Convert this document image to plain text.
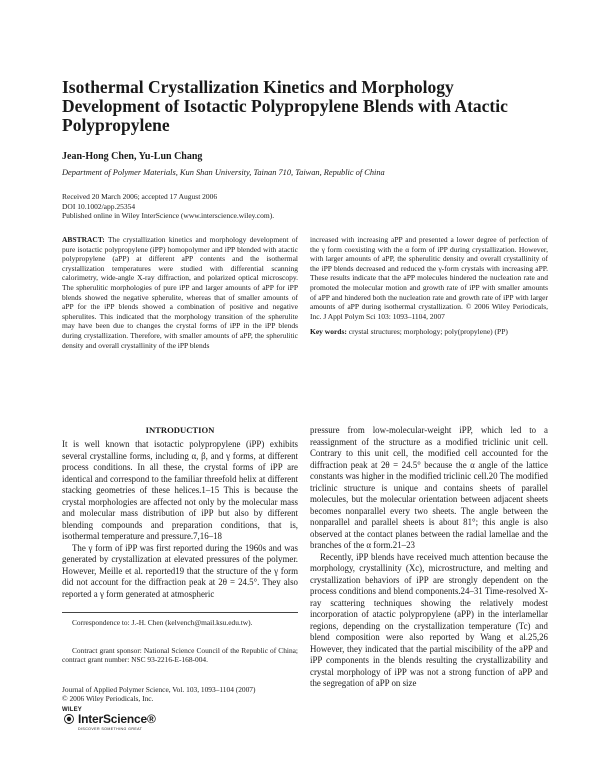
Isothermal Crystallization Kinetics and Morphology Development of Isotactic Polypropylene Blends with Atactic Polypropylene

Jean-Hong Chen, Yu-Lun Chang

Department of Polymer Materials, Kun Shan University, Tainan 710, Taiwan, Republic of China

Received 20 March 2006; accepted 17 August 2006
DOI 10.1002/app.25354
Published online in Wiley InterScience (www.interscience.wiley.com).

ABSTRACT: The crystallization kinetics and morphology development of pure isotactic polypropylene (iPP) homopolymer and iPP blended with atactic polypropylene (aPP) at different aPP contents and the isothermal crystallization temperatures were studied with differential scanning calorimetry, wide-angle X-ray diffraction, and polarized optical microscopy. The spherulitic morphologies of pure iPP and larger amounts of aPP for iPP blends showed the negative spherulite, whereas that of smaller amounts of aPP for the iPP blends showed a combination of positive and negative spherulites. This indicated that the morphology transition of the spherulite may have been due to changes the crystal forms of iPP in the iPP blends during crystallization. Therefore, with smaller amounts of aPP, the spherulitic density and overall crystallinity of the iPP blends

increased with increasing aPP and presented a lower degree of perfection of the γ form coexisting with the α form of iPP during crystallization. However, with larger amounts of aPP, the spherulitic density and overall crystallinity of the iPP blends decreased and reduced the γ-form crystals with increasing aPP. These results indicate that the aPP molecules hindered the nucleation rate and promoted the molecular motion and growth rate of iPP with smaller amounts of aPP and hindered both the nucleation rate and growth rate of iPP with larger amounts of aPP during isothermal crystallization. © 2006 Wiley Periodicals, Inc. J Appl Polym Sci 103: 1093–1104, 2007

Key words: crystal structures; morphology; poly(propylene) (PP)

INTRODUCTION

It is well known that isotactic polypropylene (iPP) exhibits several crystalline forms, including α, β, and γ forms, at different process conditions. In all these, the crystal forms of iPP are identical and correspond to the familiar threefold helix at different stacking geometries of these helices.1–15 This is because the crystal morphologies are affected not only by the molecular mass and molecular mass distribution of iPP but also by different blending compounds and preparation conditions, that is, isothermal temperature and pressure.7,16–18

The γ form of iPP was first reported during the 1960s and was generated by crystallization at elevated pressures of the polymer. However, Meille et al. reported19 that the structure of the γ form did not account for the diffraction peak at 2θ = 24.5°. They also reported a γ form generated at atmospheric

pressure from low-molecular-weight iPP, which led to a reassignment of the structure as a modified triclinic unit cell. Contrary to this unit cell, the modified cell accounted for the diffraction peak at 2θ = 24.5° because the α angle of the lattice constants was higher in the modified triclinic cell.20 The modified triclinic structure is unique and contains sheets of parallel molecules, but the molecular orientation between adjacent sheets becomes nonparallel every two sheets. The angle between the nonparallel and parallel sheets is about 81°; this angle is also observed at the contact planes between the radial lamellae and the branches of the α form.21–23

Recently, iPP blends have received much attention because the morphology, crystallinity (Xc), microstructure, and melting and crystallization behaviors of iPP are strongly dependent on the process conditions and blend components.24–31 Time-resolved X-ray scattering techniques showing the relatively modest incorporation of atactic polypropylene (aPP) in the interlamellar regions, depending on the crystallization temperature (Tc) and blend composition were also reported by Wang et al.25,26 However, they indicated that the partial miscibility of the aPP and iPP components in the blends resulting the crystallizability and crystal morphology of iPP was not a strong function of aPP and the segregation of aPP on size

Correspondence to: J.-H. Chen (kelvench@mail.ksu.edu.tw).

Contract grant sponsor: National Science Council of the Republic of China; contract grant number: NSC 93-2216-E-168-004.

Journal of Applied Polymer Science, Vol. 103, 1093–1104 (2007)
© 2006 Wiley Periodicals, Inc.
WILEY
InterScience®
DISCOVER SOMETHING GREAT
